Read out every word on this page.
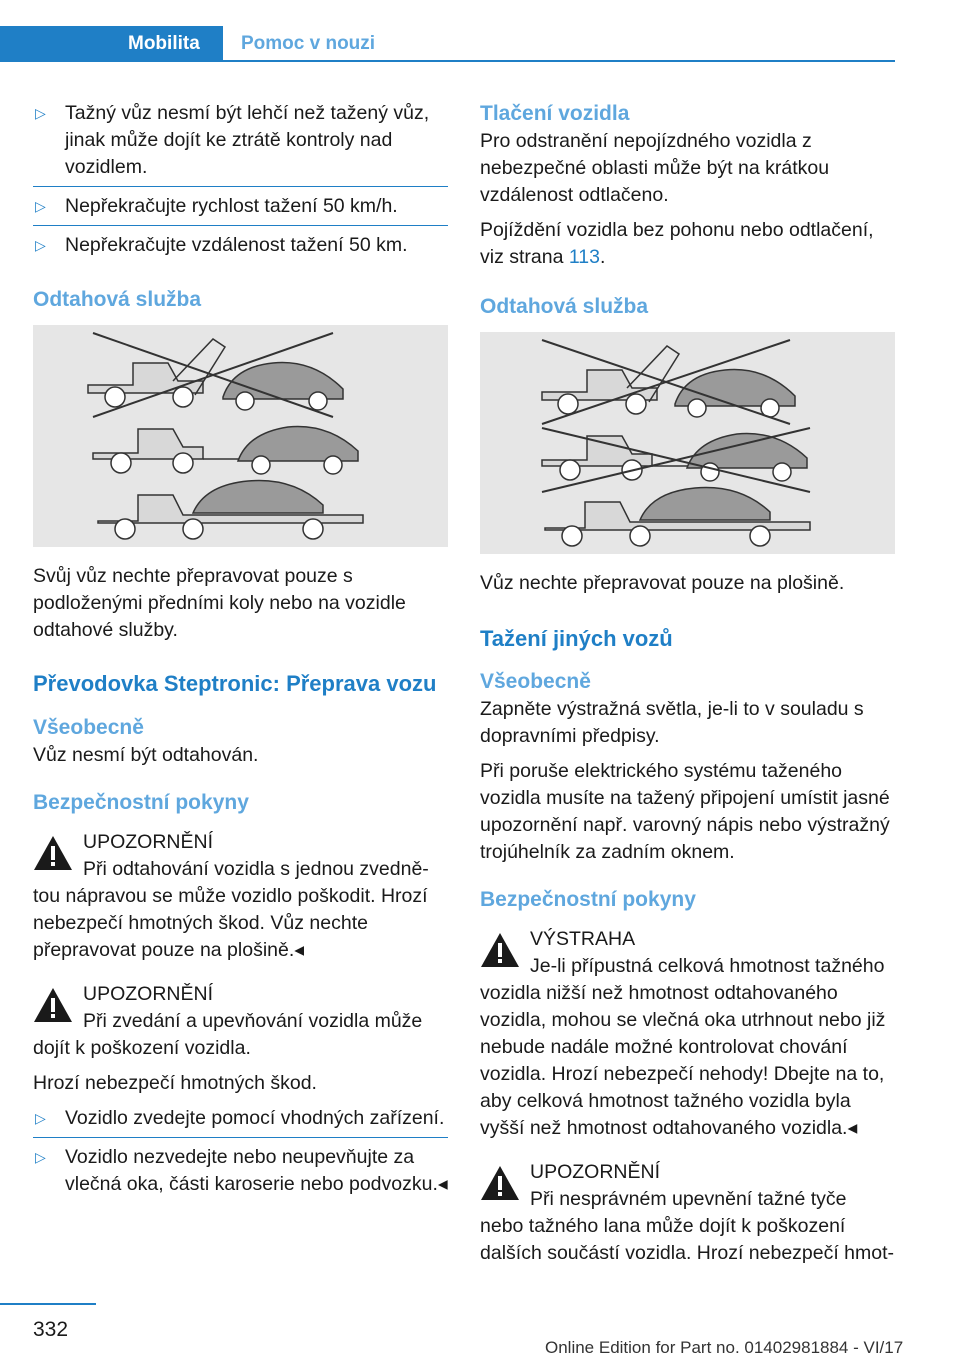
Mobilita	Pomoc v nouzi
▷ Tažný vůz nesmí být lehčí než tažený vůz, jinak může dojít ke ztrátě kontroly nad vozidlem.
▷ Nepřekračujte rychlost tažení 50 km/h.
▷ Nepřekračujte vzdálenost tažení 50 km.
Odtahová služba

Svůj vůz nechte přepravovat pouze s podloženými předními koly nebo na vozidle odtahové služby.

Převodovka Steptronic: Přeprava vozu
Všeobecně

Vůz nesmí být odtahován.

Bezpečnostní pokyny

UPOZORNĚNÍ

Při odtahování vozidla s jednou zvedně-

tou nápravou se může vozidlo poškodit. Hrozí nebezpečí hmotných škod. Vůz nechte přepravovat pouze na plošině.◂

UPOZORNĚNÍ

Při zvedání a upevňování vozidla může

dojít k poškození vozidla.

Hrozí nebezpečí hmotných škod.

▷ Vozidlo zvedejte pomocí vhodných zařízení.
▷ Vozidlo nezvedejte nebo neupevňujte za vlečná oka, části karoserie nebo podvozku.◂
Tlačení vozidla

Pro odstranění nepojízdného vozidla z nebezpečné oblasti může být na krátkou vzdálenost odtlačeno.

Pojíždění vozidla bez pohonu nebo odtlačení, viz strana 113.

Odtahová služba

Vůz nechte přepravovat pouze na plošině.

Tažení jiných vozů
Všeobecně

Zapněte výstražná světla, je-li to v souladu s dopravními předpisy.

Při poruše elektrického systému taženého vozidla musíte na tažený připojení umístit jasné upozornění např. varovný nápis nebo výstražný trojúhelník za zadním oknem.

Bezpečnostní pokyny

VÝSTRAHA

Je-li přípustná celková hmotnost tažného

vozidla nižší než hmotnost odtahovaného vozidla, mohou se vlečná oka utrhnout nebo již nebude nadále možné kontrolovat chování vozidla. Hrozí nebezpečí nehody! Dbejte na to, aby celková hmotnost tažného vozidla byla vyšší než hmotnost odtahovaného vozidla.◂

UPOZORNĚNÍ

Při nesprávném upevnění tažné tyče

nebo tažného lana může dojít k poškození dalších součástí vozidla. Hrozí nebezpečí hmot-

332
Online Edition for Part no. 01402981884 - VI/17
